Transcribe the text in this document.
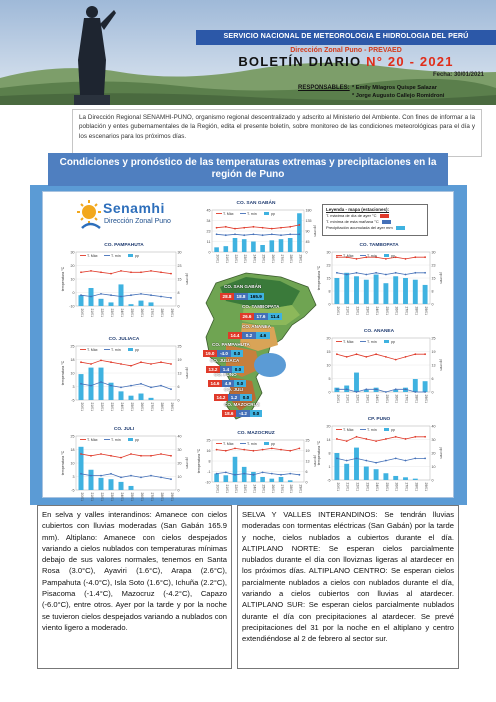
SERVICIO NACIONAL DE METEOROLOGIA E HIDROLOGIA DEL PERÚ
Dirección Zonal Puno - PREVAED
BOLETÍN DIARIO N° 20 - 2021
Fecha: 30/01/2021
RESPONSABLES: * Emily Milagros Quispe Salazar
* Jorge Augusto Callejo Romidroni
La Dirección Regional SENAMHI-PUNO, organismo regional descentralizado y adscrito al Ministerio del Ambiente. Con fines de informar a la población y entes gubernamentales de la Región, edita el presente boletín, sobre monitoreo de las condiciones meteorológicas para el día y los escenarios para los próximos días.
Condiciones y pronóstico de las temperaturas extremas y precipitaciones en la región de Puno
Senamhi
Dirección Zonal Puno
Leyenda - mapa (estaciones):
T. máxima de día de ayer °C
T. mínima de esta mañana °C
Precipitación acumulada del ayer mm
CO. SAN GABÁN
28.8	18.8	165.9
CO. TAMBOPATA
26.6	17.6	11.4
CO. ANANEA
14.4	0.2	4.6
CO. PAMPAHUTA
19.0	-4.0	0.0
CO. JULIACA
13.2	1.4	0.0
CO. PUNO
14.6	4.9	0.0
CO. JULI
14.2	1.2	0.0
CO. MAZOCRUZ
18.6	-4.2	0.0
CO. PAMPAHUTA
30	30
20	23
10	15
0	8
-10	0
20/01 21/01 22/01 23/01 24/01 25/01 26/01 27/01 28/01 29/01
temperatura °C	pp mm
T. Máx	T. mín	pp
CO. JULIACA
25	25
18	19
10	13
3	6
-5	0
20/01 21/01 22/01 23/01 24/01 25/01 26/01 27/01 28/01 29/01
temperatura °C	pp mm
T. Máx	T. mín	pp
CO. JULI
25	40
18	30
10	20
3	10
-5	0
20/01 21/01 22/01 23/01 24/01 25/01 26/01 27/01 28/01 29/01
temperatura °C	pp mm
T. Máx	T. mín	pp
CO. SAN GABÁN
45	180
34	135
23	90
11	45
0	0
20/01 21/01 22/01 23/01 24/01 25/01 26/01 27/01 28/01 29/01
pp mm
T. Máx	T. mín	pp
CO. MAZOCRUZ
25	25
16	19
8	13
-1	6
-10	0
20/01 21/01 22/01 23/01 24/01 25/01 26/01 27/01 28/01 29/01
temperatura °C	pp mm
T. Máx	T. mín	pp
CO. TAMBOPATA
30	30
23	23
15	15
8	8
0	0
20/01 21/01 22/01 23/01 24/01 25/01 26/01 27/01 28/01 29/01
temperatura °C	pp mm
T. Máx	T. mín	pp
CO. ANANEA
20	25
15	19
10	13
5	6
0	0
20/01 21/01 22/01 23/01 24/01 25/01 26/01 27/01 28/01 29/01
pp mm
T. Máx	T. mín	pp
CP. PUNO
20	40
14	30
8	20
1	10
-5	0
20/01 21/01 22/01 23/01 24/01 25/01 26/01 27/01 28/01 29/01
temperatura °C	pp mm
T. Máx	T. mín	pp
En selva y valles interandinos: Amanece con cielos cubiertos con lluvias moderadas (San Gabán 165.9 mm). Altiplano: Amanece con cielos despejados variando a cielos nublados con temperaturas mínimas debajo de sus valores normales, tenemos en Santa Rosa (3.0°C), Ayaviri (1.6°C), Arapa (2.6°C), Pampahuta (-4.0°C), Isla Soto (1.6°C), Ichuña (2.2°C), Pisacoma (-1.4°C), Mazocruz (-4.2°C), Capazo (-6.0°C), entre otros. Ayer por la tarde y por la noche se tuvieron cielos despejados variando a nublados con viento ligero a moderado.
SELVA Y VALLES INTERANDINOS: Se tendrán lluvias moderadas con tormentas eléctricas (San Gabán) por la tarde y noche, cielos nublados a cubiertos durante el día. ALTIPLANO NORTE: Se esperan cielos parcialmente nublados durante el día con lloviznas ligeras al atardecer en los próximos días. ALTIPLANO CENTRO: Se esperan cielos parcialmente nublados a cielos con nublados durante el día, variando a cielos cubiertos con lluvias al atardecer. ALTIPLANO SUR: Se esperan cielos parcialmente nublados durante el día con precipitaciones al atardecer. Se prevé precipitaciones del 31 por la noche en el altiplano y centro extendiéndose al 2 de febrero al sector sur.
